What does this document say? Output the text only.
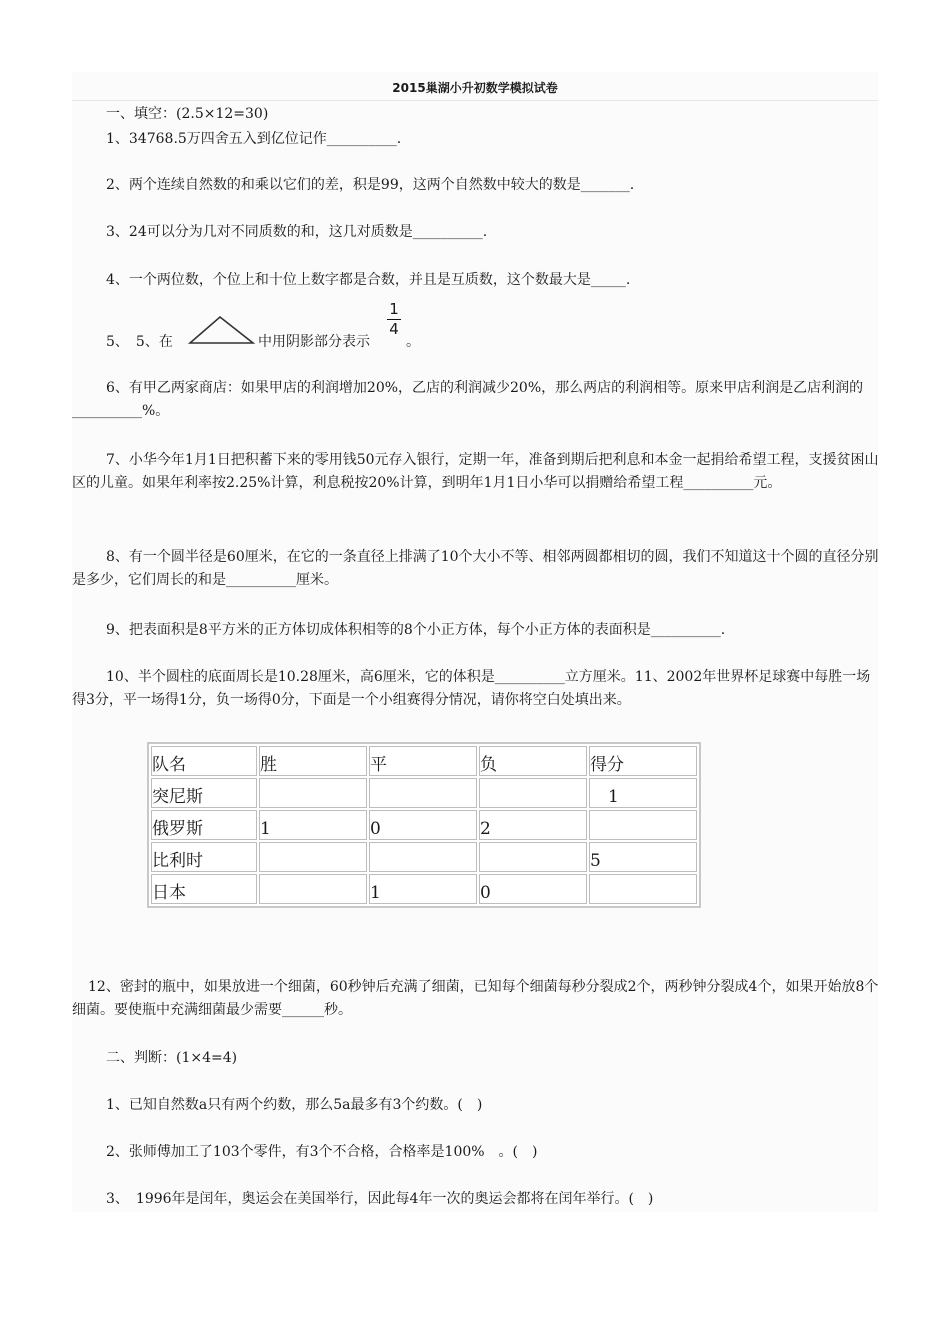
2015巢湖小升初数学模拟试卷
一、填空：(2.5×12=30)
1、34768.5万四舍五入到亿位记作__________.
2、两个连续自然数的和乘以它们的差，积是99，这两个自然数中较大的数是_______.
3、24可以分为几对不同质数的和，这几对质数是__________.
4、一个两位数，个位上和十位上数字都是合数，并且是互质数，这个数最大是_____.
5、　5、在	中用阴影部分表示
1
4
。
6、有甲乙两家商店：如果甲店的利润增加20%，乙店的利润减少20%，那么两店的利润相等。原来甲店利润是乙店利润的__________%。
7、小华今年1月1日把积蓄下来的零用钱50元存入银行，定期一年，准备到期后把利息和本金一起捐给希望工程，支援贫困山区的儿童。如果年利率按2.25%计算，利息税按20%计算，到明年1月1日小华可以捐赠给希望工程__________元。
8、有一个圆半径是60厘米，在它的一条直径上排满了10个大小不等、相邻两圆都相切的圆，我们不知道这十个圆的直径分别是多少，它们周长的和是__________厘米。
9、把表面积是8平方米的正方体切成体积相等的8个小正方体，每个小正方体的表面积是__________.
10、半个圆柱的底面周长是10.28厘米，高6厘米，它的体积是__________立方厘米。11、2002年世界杯足球赛中每胜一场得3分，平一场得1分，负一场得0分，下面是一个小组赛得分情况，请你将空白处填出来。
队名	胜	平	负	得分

突尼斯				1

俄罗斯	1	0	2	

比利时				5

日本		1	0	

12、密封的瓶中，如果放进一个细菌，60秒钟后充满了细菌，已知每个细菌每秒分裂成2个，两秒钟分裂成4个，如果开始放8个细菌。要使瓶中充满细菌最少需要______秒。
二、判断：(1×4=4)
1、已知自然数a只有两个约数，那么5a最多有3个约数。(　)
2、张师傅加工了103个零件，有3个不合格，合格率是100%　。(　)
3、　1996年是闰年，奥运会在美国举行，因此每4年一次的奥运会都将在闰年举行。(　)
